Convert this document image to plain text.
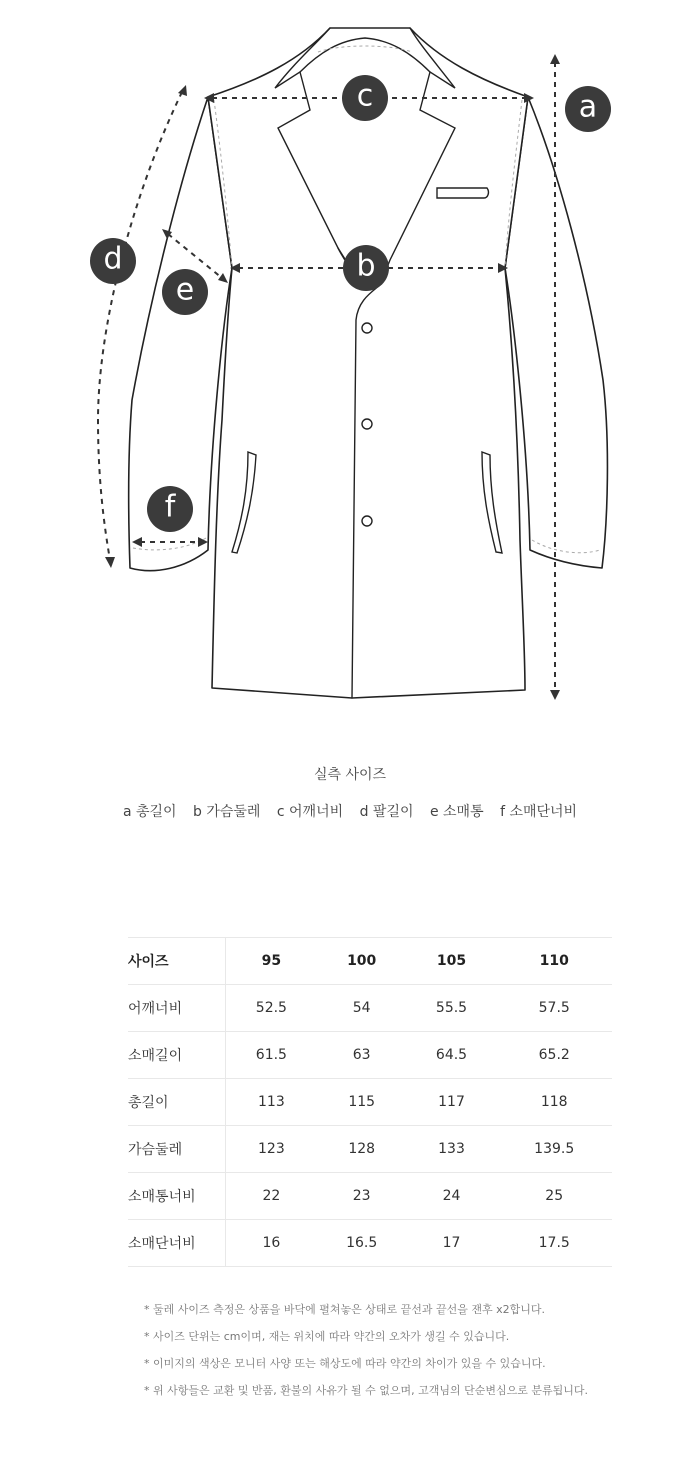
a
b
c
d
e
f
실측 사이즈
a 총길이 b 가슴둘레 c 어깨너비 d 팔길이 e 소매통 f 소매단너비
사이즈	95	100	105	110
어깨너비	52.5	54	55.5	57.5
소매길이	61.5	63	64.5	65.2
총길이	113	115	117	118
가슴둘레	123	128	133	139.5
소매통너비	22	23	24	25
소매단너비	16	16.5	17	17.5
* 둘레 사이즈 측정은 상품을 바닥에 펼쳐놓은 상태로 끝선과 끝선을 잰후 x2합니다.
* 사이즈 단위는 cm이며, 재는 위치에 따라 약간의 오차가 생길 수 있습니다.
* 이미지의 색상은 모니터 사양 또는 해상도에 따라 약간의 차이가 있을 수 있습니다.
* 위 사항들은 교환 및 반품, 환불의 사유가 될 수 없으며, 고객님의 단순변심으로 분류됩니다.
